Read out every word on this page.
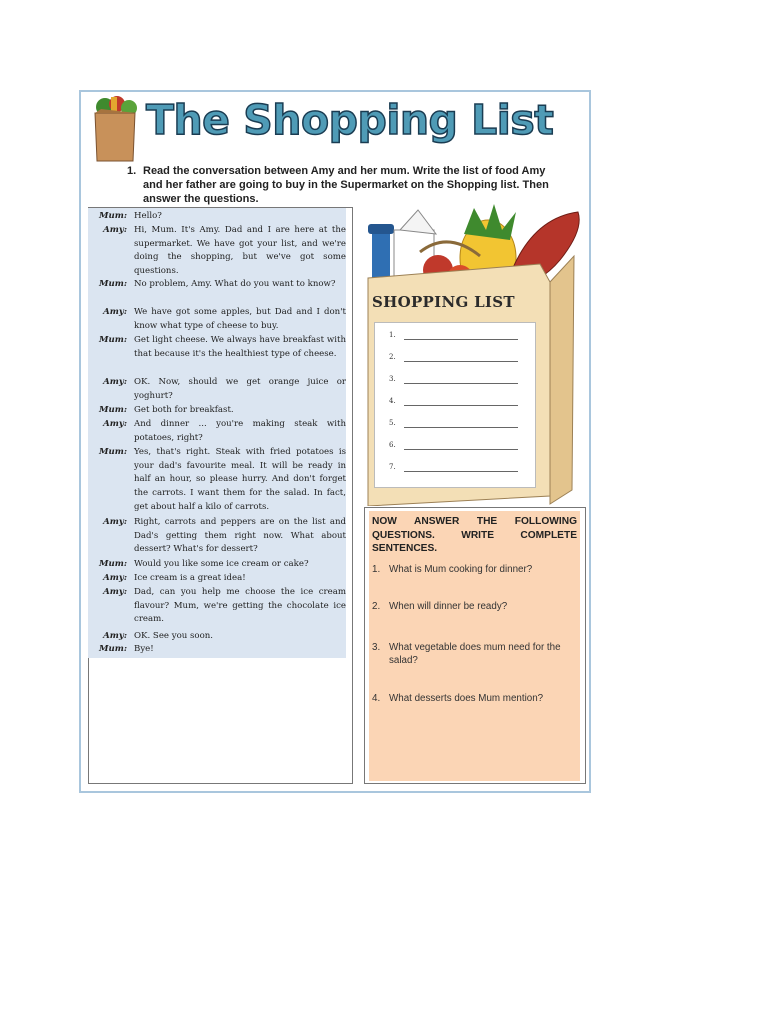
The Shopping List
1. Read the conversation between Amy and her mum. Write the list of food Amy and her father are going to buy in the Supermarket on the Shopping list. Then answer the questions.
Mum: Hello?
Amy: Hi, Mum. It's Amy. Dad and I are here at the supermarket. We have got your list, and we're doing the shopping, but we've got some questions.
Mum: No problem, Amy. What do you want to know?
Amy: We have got some apples, but Dad and I don't know what type of cheese to buy.
Mum: Get light cheese. We always have breakfast with that because it's the healthiest type of cheese.
Amy: OK. Now, should we get orange juice or yoghurt?
Mum: Get both for breakfast.
Amy: And dinner ... you're making steak with potatoes, right?
Mum: Yes, that's right. Steak with fried potatoes is your dad's favourite meal. It will be ready in half an hour, so please hurry. And don't forget the carrots. I want them for the salad. In fact, get about half a kilo of carrots.
Amy: Right, carrots and peppers are on the list and Dad's getting them right now. What about dessert? What's for dessert?
Mum: Would you like some ice cream or cake?
Amy: Ice cream is a great idea!
Amy: Dad, can you help me choose the ice cream flavour? Mum, we're getting the chocolate ice cream.
Amy: OK. See you soon.
Mum: Bye!
SHOPPING LIST
1.
2.
3.
4.
5.
6.
7.

NOW ANSWER THE FOLLOWING QUESTIONS. WRITE COMPLETE SENTENCES.

1. What is Mum cooking for dinner?
2. When will dinner be ready?
3. What vegetable does mum need for the salad?
4. What desserts does Mum mention?
